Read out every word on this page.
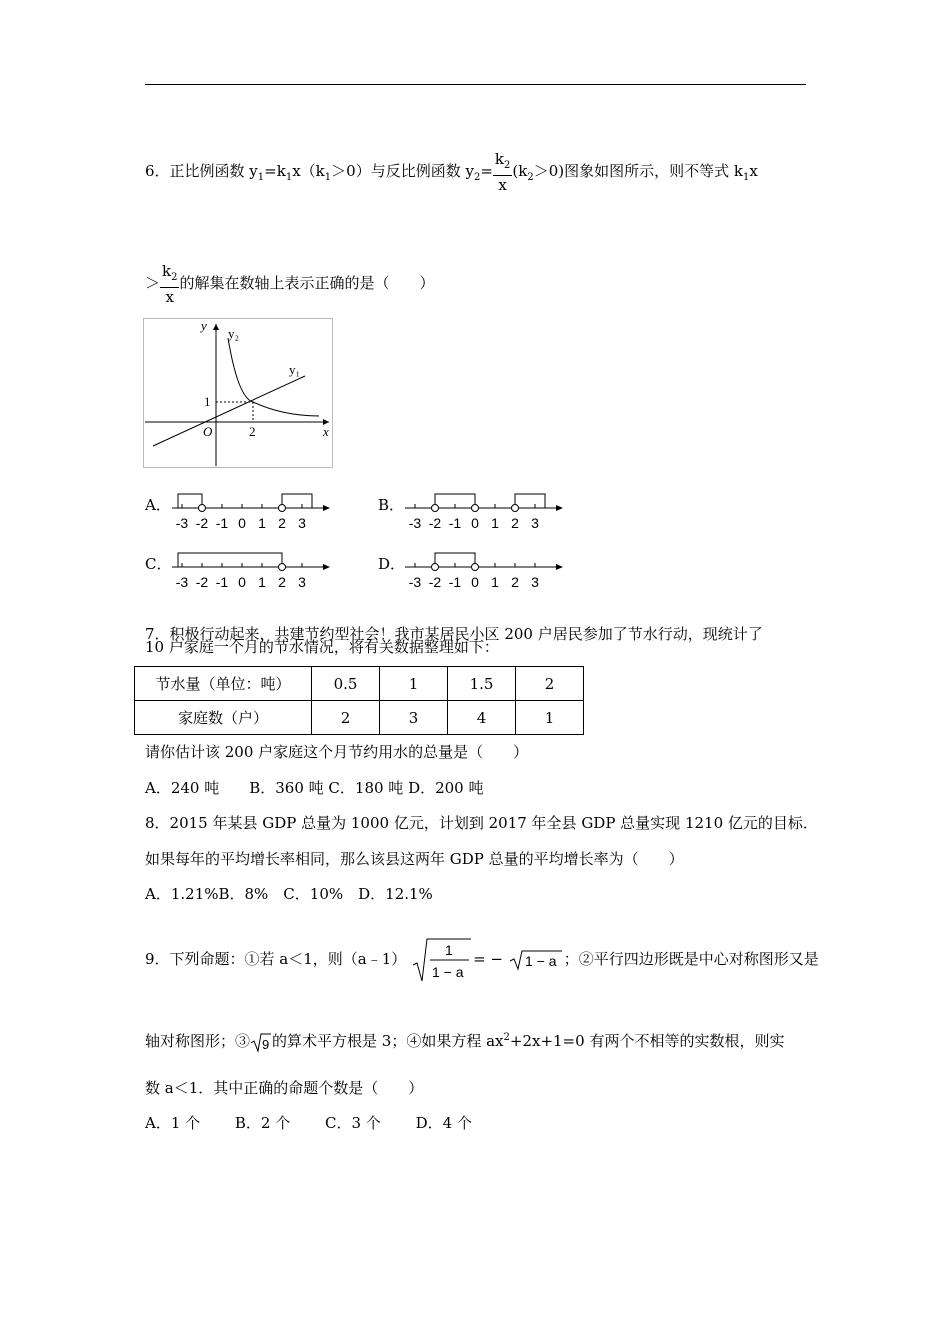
6．正比例函数 $y_1=k_1x(k_1>0)$与反比例函数 $y_2= \frac{k_2}{x} (k_2>0)$图象如图所示，则不等式 $k_1x$
＞ $\frac{k_2}{x}$ 的解集在数轴上表示正确的是（　　）
y
y₂
y₁
x
O
1
2
A．
-3 -2 -1 0 1 2 3
B．
-3 -2 -1 0 1 2 3
C．
-3 -2 -1 0 1 2 3
D．
-3 -2 -1 0 1 2 3
7．积极行动起来，共建节约型社会！我市某居民小区 200 户居民参加了节水行动，现统计了
10 户家庭一个月的节水情况，将有关数据整理如下：
节水量（单位：吨）	0.5	1	1.5	2
家庭数（户）	2	3	4	1
请你估计该 200 户家庭这个月节约用水的总量是（　　）
A．240 吨　　B．360 吨 C．180 吨 D．200 吨
8．2015 年某县 GDP 总量为 1000 亿元，计划到 2017 年全县 GDP 总量实现 1210 亿元的目标．
如果每年的平均增长率相同，那么该县这两年 GDP 总量的平均增长率为（　　）
A．1.21%B．8%　C．10%　D．12.1%
9．下列命题：①若 a＜1，则（a﹣1）	1
1 − a
= − 1 − a ；②平行四边形既是中心对称图形又是
轴对称图形；③ 9 的算术平方根是 3；④如果方程 $ax^2+2x+1=0$ 有两个不相等的实数根，则实
数 a＜1．其中正确的命题个数是（　　）
A．1 个　　 B．2 个　　 C．3 个　　 D．4 个
